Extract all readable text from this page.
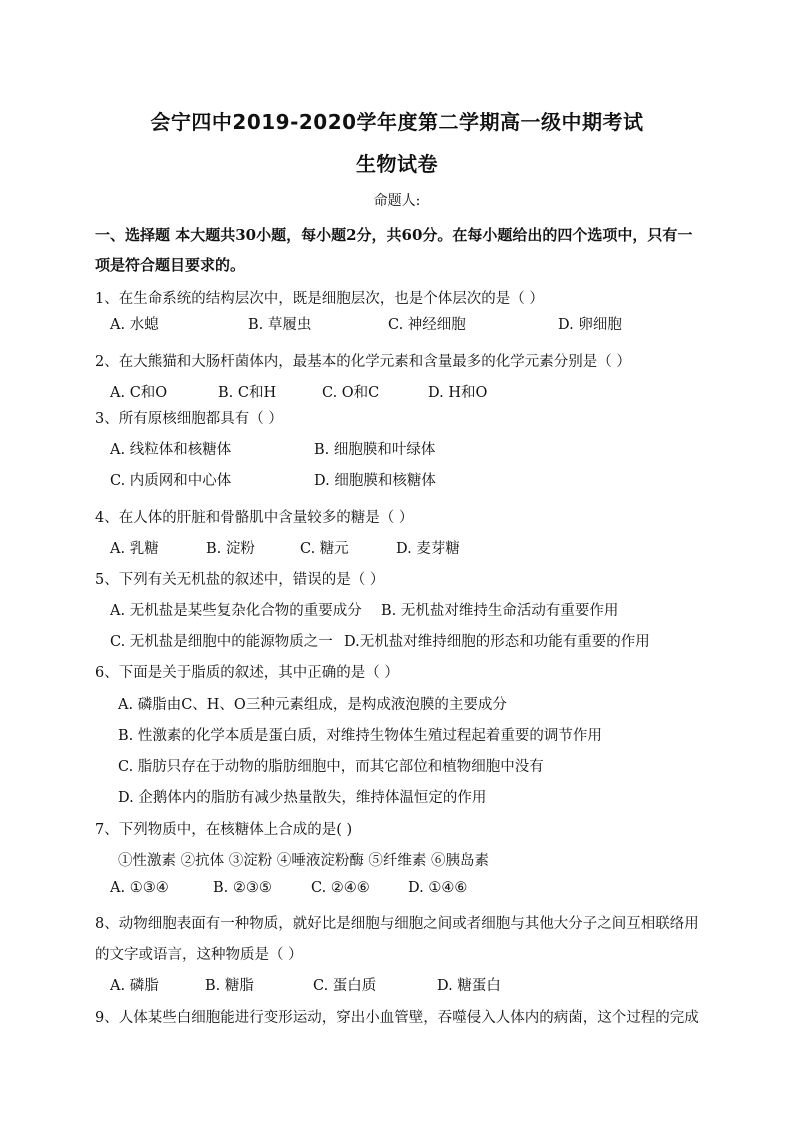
会宁四中2019-2020学年度第二学期高一级中期考试
生物试卷
命题人:
一、选择题 本大题共30小题，每小题2分，共60分。在每小题给出的四个选项中，只有一
项是符合题目要求的。
1、在生命系统的结构层次中，既是细胞层次，也是个体层次的是（ ）
A. 水螅	B. 草履虫	C. 神经细胞	D. 卵细胞
2、在大熊猫和大肠杆菌体内，最基本的化学元素和含量最多的化学元素分别是（ ）
A. C和O	B. C和H	C. O和C	D. H和O
3、所有原核细胞都具有（ ）
A. 线粒体和核糖体	B. 细胞膜和叶绿体
C. 内质网和中心体	D. 细胞膜和核糖体
4、在人体的肝脏和骨骼肌中含量较多的糖是（ ）
A. 乳糖	B. 淀粉	C. 糖元	D. 麦芽糖
5、下列有关无机盐的叙述中，错误的是（ ）
A. 无机盐是某些复杂化合物的重要成分 B. 无机盐对维持生命活动有重要作用
C. 无机盐是细胞中的能源物质之一 D.无机盐对维持细胞的形态和功能有重要的作用
6、下面是关于脂质的叙述，其中正确的是（ ）
A. 磷脂由C、H、O三种元素组成，是构成液泡膜的主要成分
B. 性激素的化学本质是蛋白质，对维持生物体生殖过程起着重要的调节作用
C. 脂肪只存在于动物的脂肪细胞中，而其它部位和植物细胞中没有
D. 企鹅体内的脂肪有减少热量散失，维持体温恒定的作用
7、下列物质中，在核糖体上合成的是( )
①性激素 ②抗体 ③淀粉 ④唾液淀粉酶 ⑤纤维素 ⑥胰岛素
A. ①③④	B. ②③⑤	C. ②④⑥	D. ①④⑥
8、动物细胞表面有一种物质，就好比是细胞与细胞之间或者细胞与其他大分子之间互相联络用
的文字或语言，这种物质是（ ）
A. 磷脂	B. 糖脂	C. 蛋白质	D. 糖蛋白
9、人体某些白细胞能进行变形运动，穿出小血管壁，吞噬侵入人体内的病菌，这个过程的完成
